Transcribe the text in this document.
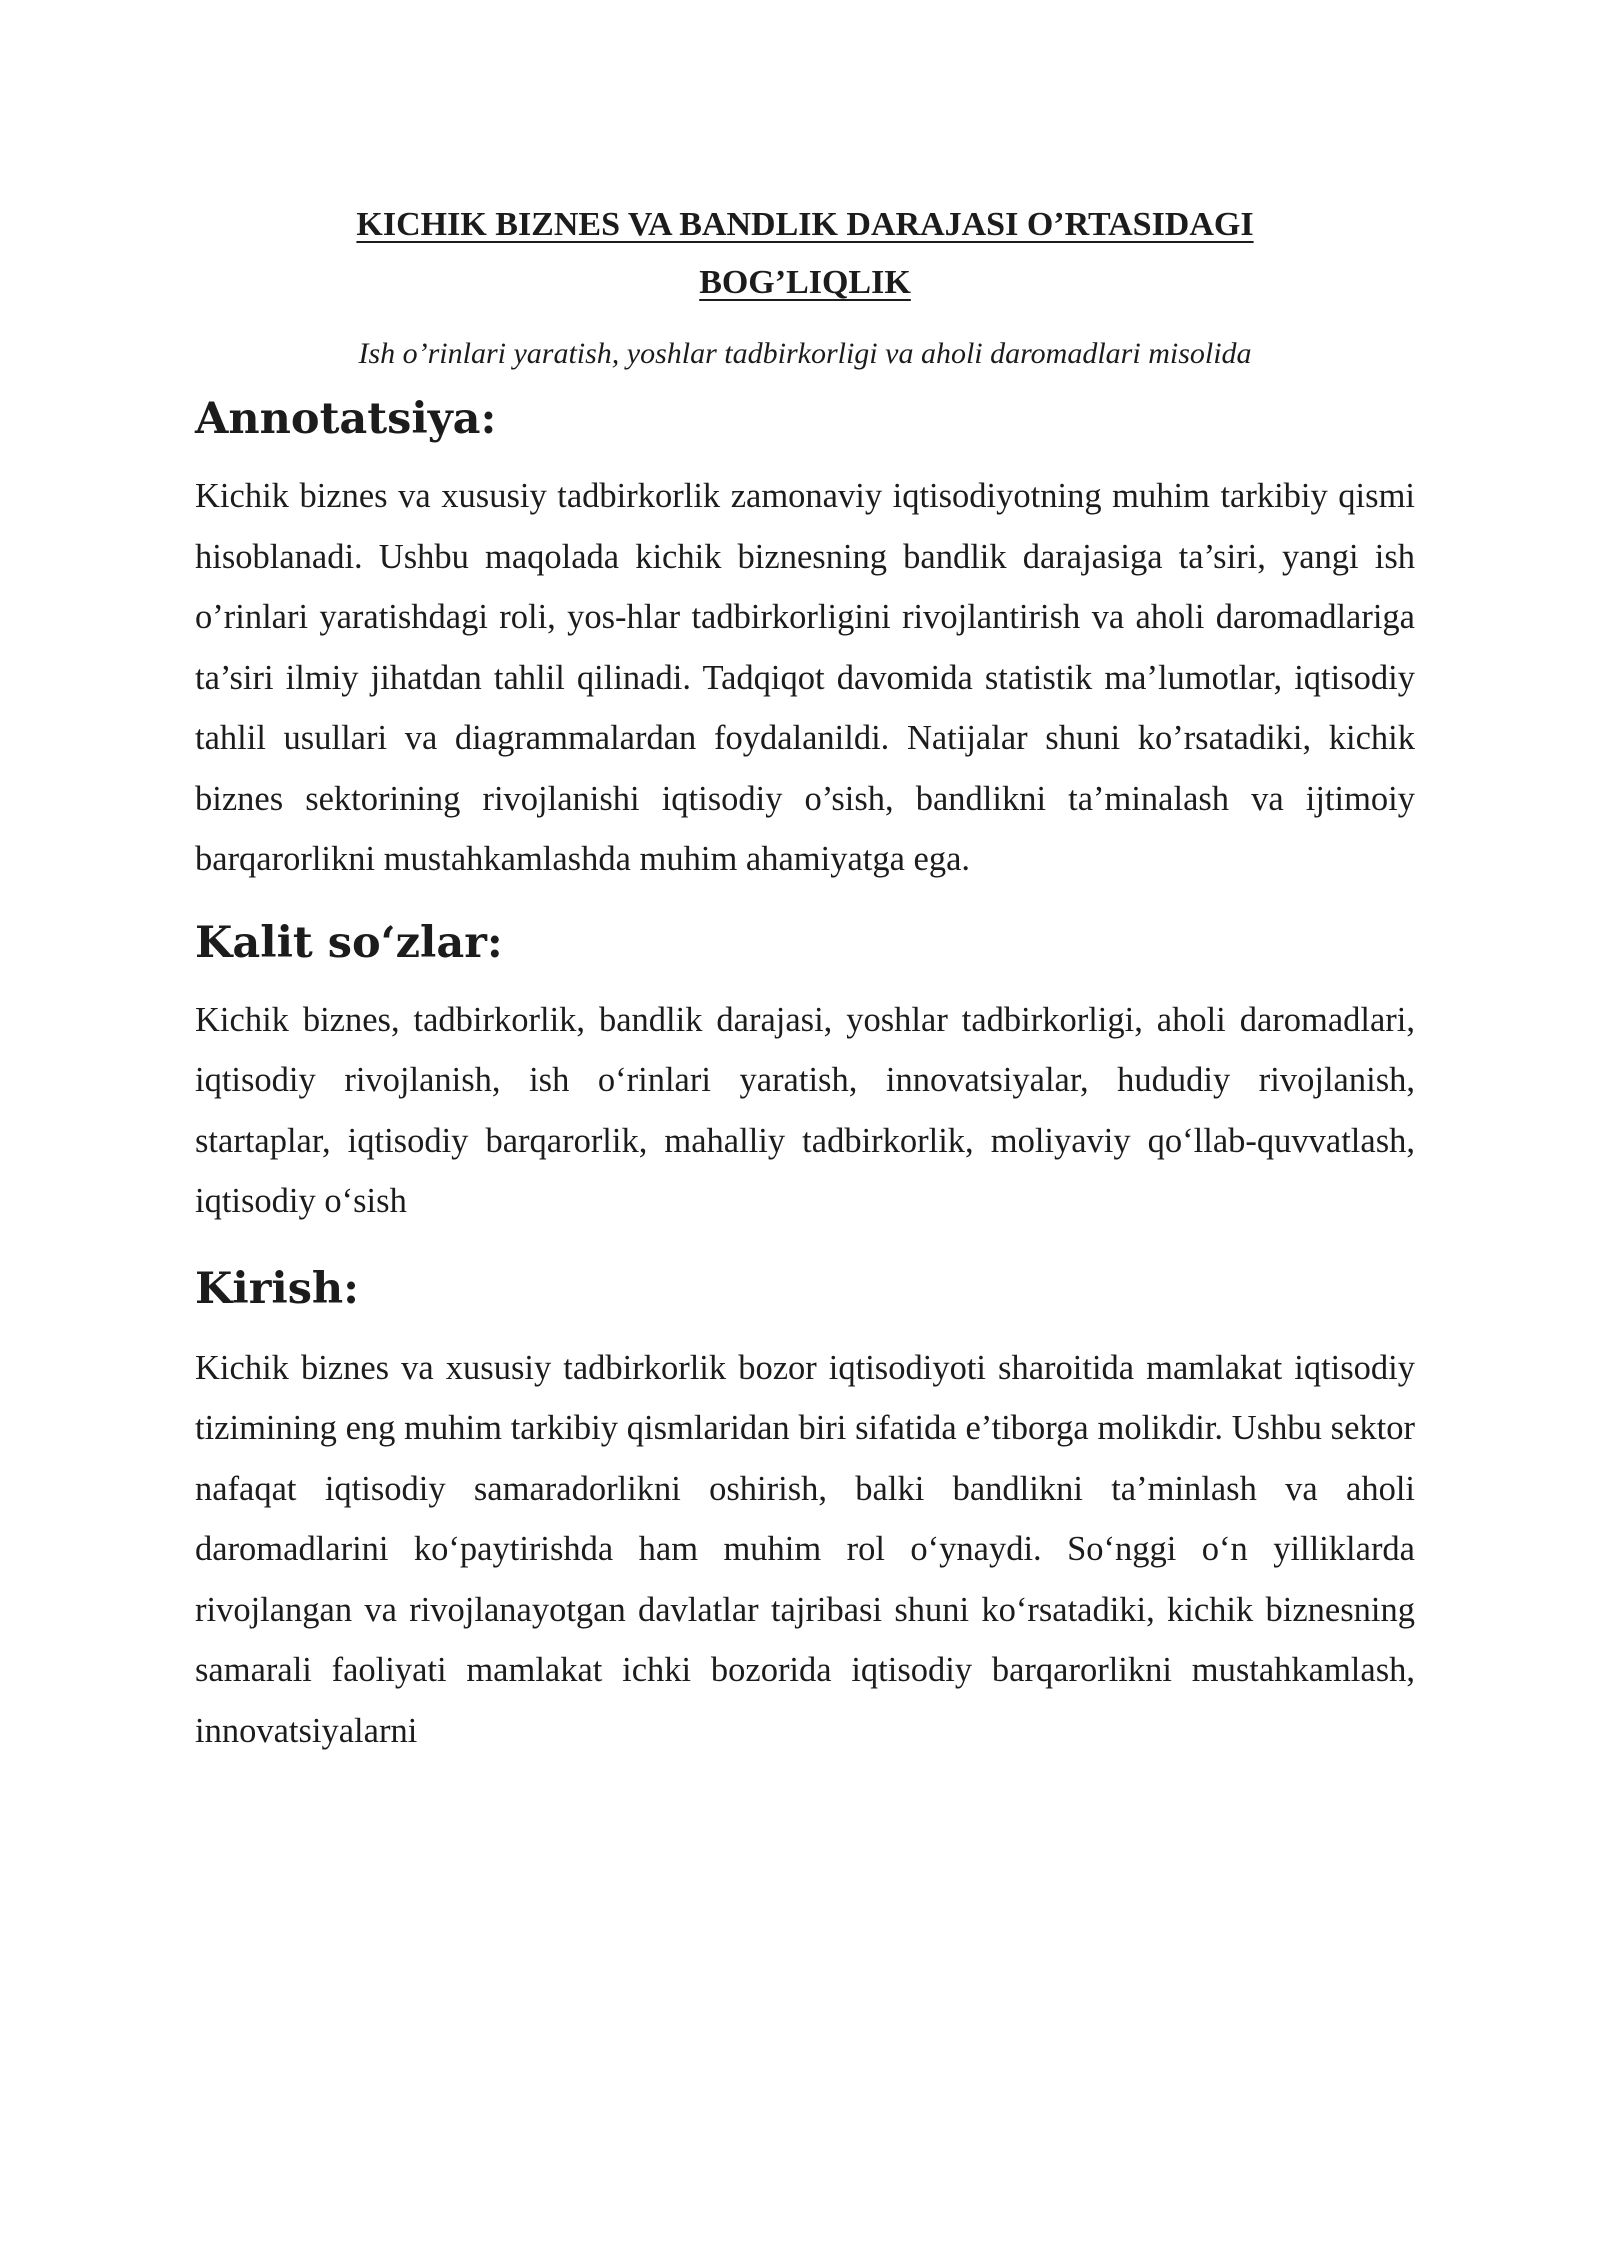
KICHIK BIZNES VA BANDLIK DARAJASI O’RTASIDAGI BOG’LIQLIK
Ish o’rinlari yaratish, yoshlar tadbirkorligi va aholi daromadlari misolida
Annotatsiya:

Kichik biznes va xususiy tadbirkorlik zamonaviy iqtisodiyotning muhim tarkibiy qismi hisoblanadi. Ushbu maqolada kichik biznesning bandlik darajasiga ta’siri, yangi ish o’rinlari yaratishdagi roli, yos-hlar tadbirkorligini rivojlantirish va aholi daromadlariga ta’siri ilmiy jihatdan tahlil qilinadi. Tadqiqot davomida statistik ma’lumotlar, iqtisodiy tahlil usullari va diagrammalardan foydalanildi. Natijalar shuni ko’rsatadiki, kichik biznes sektorining rivojlanishi iqtisodiy o’sish, bandlikni ta’minalash va ijtimoiy barqarorlikni mustahkamlashda muhim ahamiyatga ega.

Kalit so‘zlar:

Kichik biznes, tadbirkorlik, bandlik darajasi, yoshlar tadbirkorligi, aholi daromadlari, iqtisodiy rivojlanish, ish o‘rinlari yaratish, innovatsiyalar, hududiy rivojlanish, startaplar, iqtisodiy barqarorlik, mahalliy tadbirkorlik, moliyaviy qo‘llab-quvvatlash, iqtisodiy o‘sish

Kirish:

Kichik biznes va xususiy tadbirkorlik bozor iqtisodiyoti sharoitida mamlakat iqtisodiy tizimining eng muhim tarkibiy qismlaridan biri sifatida e’tiborga molikdir. Ushbu sektor nafaqat iqtisodiy samaradorlikni oshirish, balki bandlikni ta’minlash va aholi daromadlarini ko‘paytirishda ham muhim rol o‘ynaydi. So‘nggi o‘n yilliklarda rivojlangan va rivojlanayotgan davlatlar tajribasi shuni ko‘rsatadiki, kichik biznesning samarali faoliyati mamlakat ichki bozorida iqtisodiy barqarorlikni mustahkamlash, innovatsiyalarni
